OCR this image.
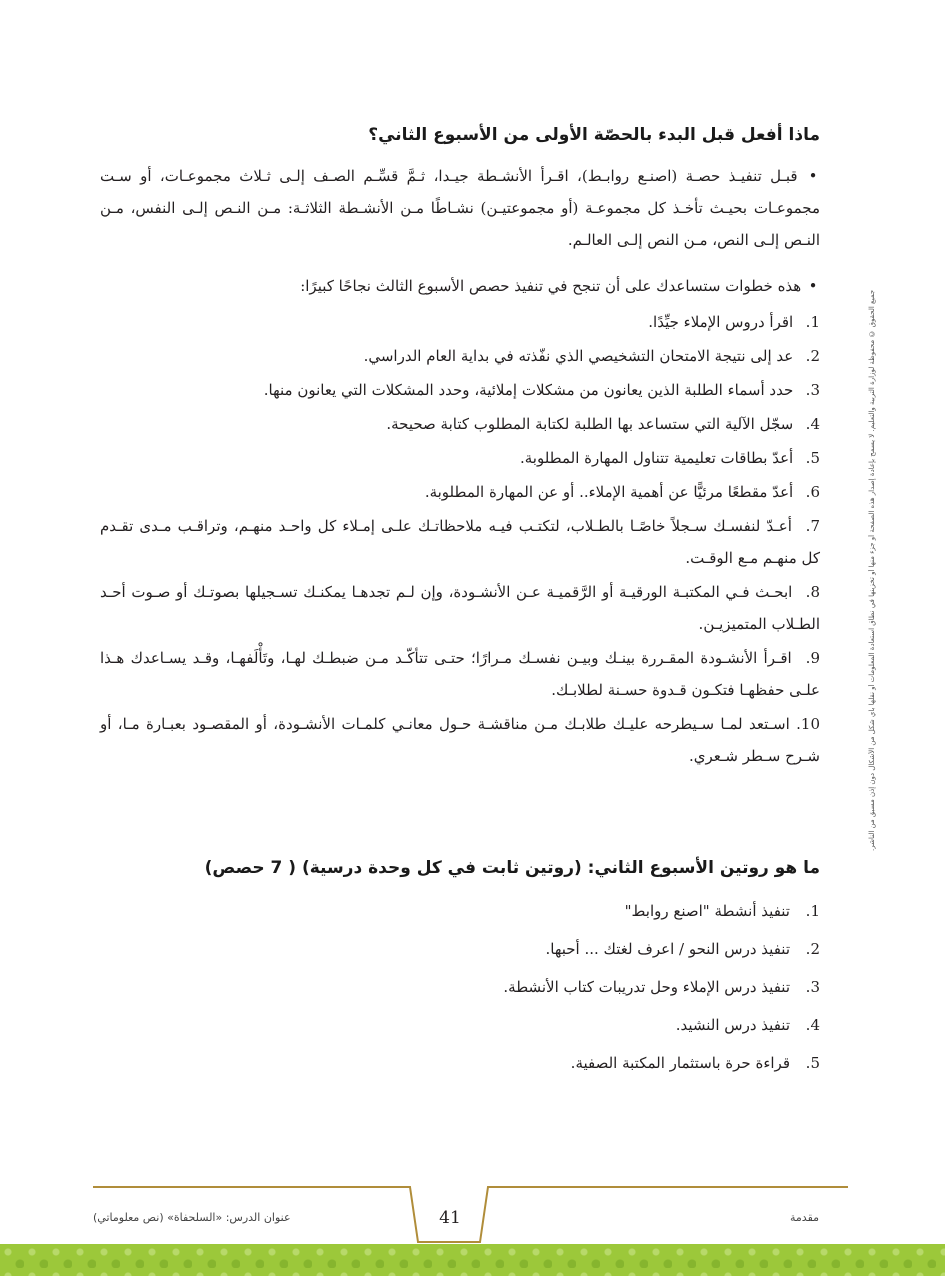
ماذا أفعل قبل البدء بالحصّة الأولى من الأسبوع الثاني؟
• قبـل تنفيـذ حصـة (اصنـع روابـط)، اقـرأ الأنشـطة جيـدا، ثـمَّ قسِّـم الصـف إلـى ثـلاث مجموعـات، أو سـت مجموعـات بحيـث تأخـذ كل مجموعـة (أو مجموعتيـن) نشـاطًا مـن الأنشـطة الثلاثـة: مـن النـص إلـى النفس، مـن النـص إلـى النص، مـن النص إلـى العالـم.
• هذه خطوات ستساعدك على أن تنجح في تنفيذ حصص الأسبوع الثالث نجاحًا كبيرًا:
1. اقرأ دروس الإملاء جيِّدًا.
2. عد إلى نتيجة الامتحان التشخيصي الذي نفّذته في بداية العام الدراسي.
3. حدد أسماء الطلبة الذين يعانون من مشكلات إملائية، وحدد المشكلات التي يعانون منها.
4. سجّل الآلية التي ستساعد بها الطلبة لكتابة المطلوب كتابة صحيحة.
5. أعدّ بطاقات تعليمية تتناول المهارة المطلوبة.
6. أعدّ مقطعًا مرئيًّا عن أهمية الإملاء.. أو عن المهارة المطلوبة.
7. أعـدّ لنفسـك سـجلاً خاصًـا بالطـلاب، لتكتـب فيـه ملاحظاتـك علـى إمـلاء كل واحـد منهـم، وتراقـب مـدى تقـدم كل منهـم مـع الوقـت.
8. ابحـث فـي المكتبـة الورقيـة أو الرَّقميـة عـن الأنشـودة، وإن لـم تجدهـا يمكنـك تسـجيلها بصوتـك أو صـوت أحـد الطـلاب المتميزيـن.
9. اقـرأ الأنشـودة المقـررة بينـك وبيـن نفسـك مـرارًا؛ حتـى تتأكّـد مـن ضبطـك لهـا، وتَأْلَفهـا، وقـد يسـاعدك هـذا علـى حفظهـا فتكـون قـدوة حسـنة لطلابـك.
10. اسـتعد لمـا سـيطرحه عليـك طلابـك مـن مناقشـة حـول معانـي كلمـات الأنشـودة، أو المقصـود بعبـارة مـا، أو شـرح سـطر شـعري.
ما هو روتين الأسبوع الثاني: (روتين ثابت في كل وحدة درسية) ( 7 حصص)
1.تنفيذ أنشطة "اصنع روابط"
2.تنفيذ درس النحو / اعرف لغتك ... أحبها.
3.تنفيذ درس الإملاء وحل تدريبات كتاب الأنشطة.
4.تنفيذ درس النشيد.
5.قراءة حرة باستثمار المكتبة الصفية.
جميع الحقوق © محفوظة لوزارة التربية والتعليم. لا يسمح بإعادة إصدار هذه الصفحة أو جزء منها أو تخزينها في نطاق استعادة المعلومات أو نقلها بأي شكل من الأشكال دون إذن مسبق من الناشر.
41
عنوان الدرس: «السلحفاة» (نص معلوماتي)	مقدمة
